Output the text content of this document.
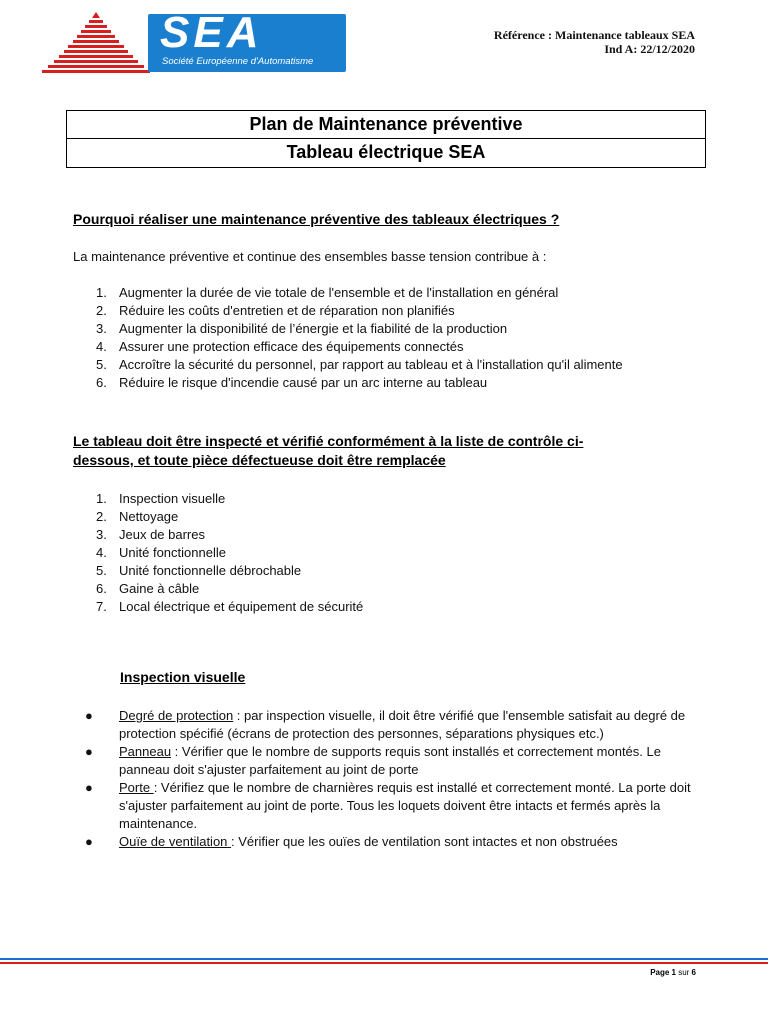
SEA
Société Européenne d'Automatisme
Référence : Maintenance tableaux SEA
Ind A: 22/12/2020
Plan de Maintenance préventive
Tableau électrique SEA
Pourquoi réaliser une maintenance préventive des tableaux électriques ?

La maintenance préventive et continue des ensembles basse tension contribue à :

1. Augmenter la durée de vie totale de l'ensemble et de l'installation en général
2. Réduire les coûts d'entretien et de réparation non planifiés
3. Augmenter la disponibilité de l’énergie et la fiabilité de la production
4. Assurer une protection efficace des équipements connectés
5. Accroître la sécurité du personnel, par rapport au tableau et à l'installation qu'il alimente
6. Réduire le risque d'incendie causé par un arc interne au tableau
Le tableau doit être inspecté et vérifié conformément à la liste de contrôle ci-
dessous, et toute pièce défectueuse doit être remplacée
1. Inspection visuelle
2. Nettoyage
3. Jeux de barres
4. Unité fonctionnelle
5. Unité fonctionnelle débrochable
6. Gaine à câble
7. Local électrique et équipement de sécurité
Inspection visuelle
● Degré de protection : par inspection visuelle, il doit être vérifié que l'ensemble satisfait au degré de protection spécifié (écrans de protection des personnes, séparations physiques etc.)
● Panneau : Vérifier que le nombre de supports requis sont installés et correctement montés. Le panneau doit s'ajuster parfaitement au joint de porte
● Porte : Vérifiez que le nombre de charnières requis est installé et correctement monté. La porte doit s'ajuster parfaitement au joint de porte. Tous les loquets doivent être intacts et fermés après la maintenance.
● Ouïe de ventilation : Vérifier que les ouïes de ventilation sont intactes et non obstruées
Page 1 sur 6
